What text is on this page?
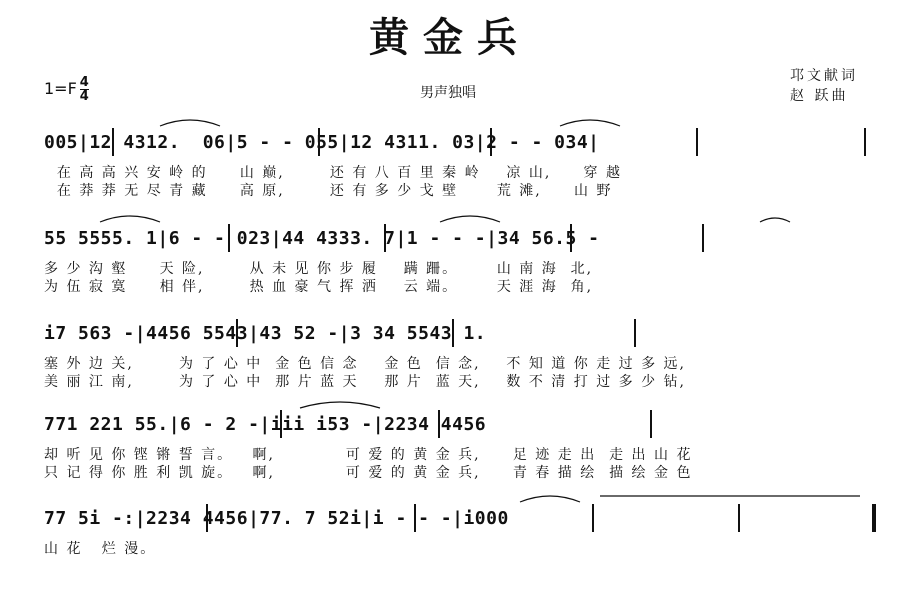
黄金兵
$1=F \frac{4}{4}$	男声独唱
邛文献词
赵 跃曲
005|12 4312.  06|5 - - 055|12 4311. 03|2 - - 034|
在 高 高 兴 安 岭 的     山 巅,       还 有 八 百 里 秦 岭    凉 山,     穿 越
在 莽 莽 无 尽 青 藏     高 原,       还 有 多 少 戈 壁      荒 滩,     山 野
55 5555. 1|6 - - 023|44 4333. 7|1 - - -|34 56.5 -
多 少 沟 壑     天 险,       从 未 见 你 步 履    蹒 跚。      山 南 海  北,
为 伍 寂 寞     相 伴,       热 血 豪 气 挥 洒    云 端。      天 涯 海  角,
i7 563 -|4456 5543|43 52 -|3 34 5543 1.
塞 外 边 关,       为 了 心 中  金 色 信 念    金 色  信 念,    不 知 道 你 走 过 多 远,
美 丽 江 南,       为 了 心 中  那 片 蓝 天    那 片  蓝 天,    数 不 清 打 过 多 少 钻,
771 221 55.|6 - 2 -|iii i53 -|2234 4456
却 听 见 你 铿 锵 誓 言。   啊,           可 爱 的 黄 金 兵,     足 迹 走 出  走 出 山 花
只 记 得 你 胜 利 凯 旋。   啊,           可 爱 的 黄 金 兵,     青 春 描 绘  描 绘 金 色
77 5i -:|2234 4456|77. 7 52i|i - - -|i000
山 花   烂 漫。
